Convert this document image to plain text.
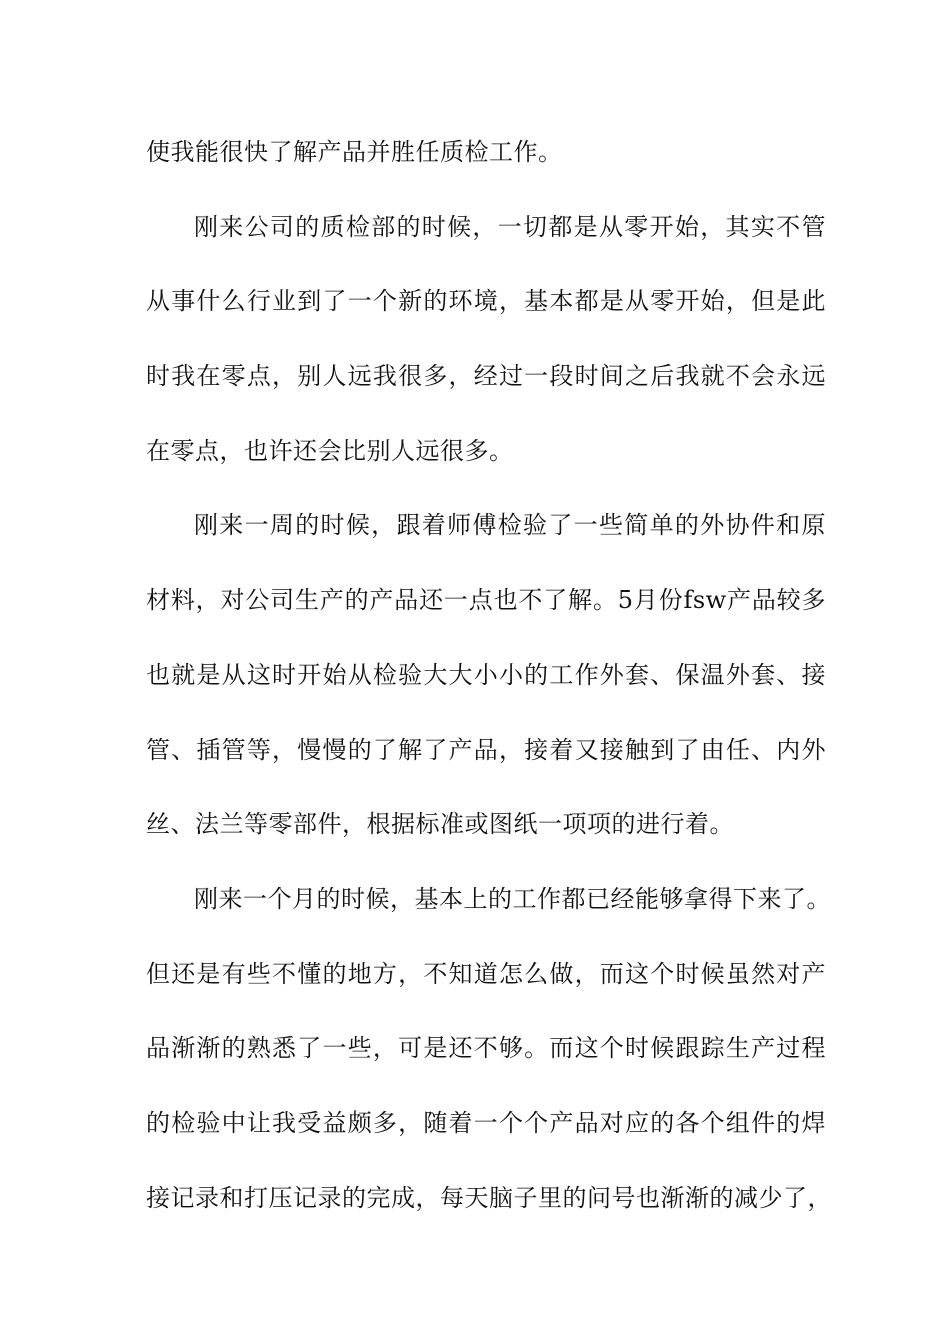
使我能很快了解产品并胜任质检工作。
刚来公司的质检部的时候，一切都是从零开始，其实不管
从事什么行业到了一个新的环境，基本都是从零开始，但是此
时我在零点，别人远我很多，经过一段时间之后我就不会永远
在零点，也许还会比别人远很多。
刚来一周的时候，跟着师傅检验了一些简单的外协件和原
材料，对公司生产的产品还一点也不了解。5月份fsw产品较多
也就是从这时开始从检验大大小小的工作外套、保温外套、接
管、插管等，慢慢的了解了产品，接着又接触到了由任、内外
丝、法兰等零部件，根据标准或图纸一项项的进行着。
刚来一个月的时候，基本上的工作都已经能够拿得下来了。
但还是有些不懂的地方，不知道怎么做，而这个时候虽然对产
品渐渐的熟悉了一些，可是还不够。而这个时候跟踪生产过程
的检验中让我受益颇多，随着一个个产品对应的各个组件的焊
接记录和打压记录的完成，每天脑子里的问号也渐渐的减少了，
